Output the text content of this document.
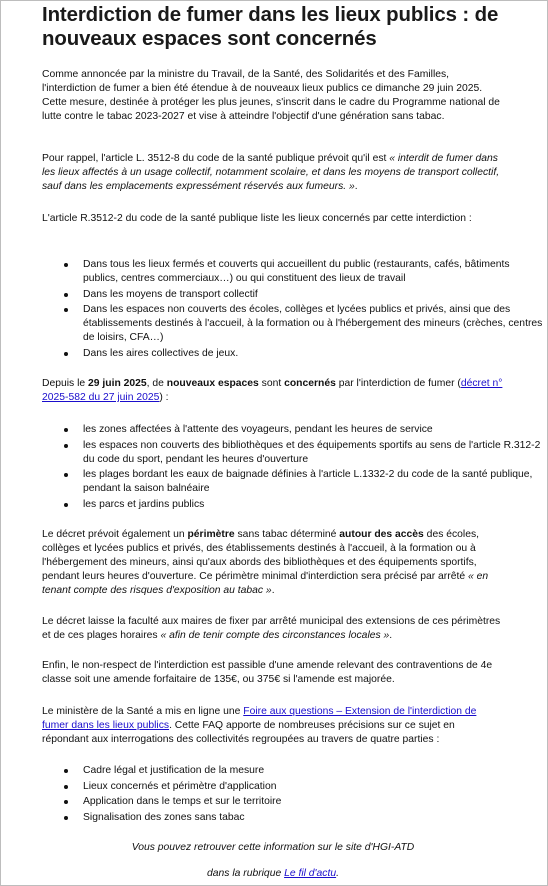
Interdiction de fumer dans les lieux publics : de nouveaux espaces sont concernés

Comme annoncée par la ministre du Travail, de la Santé, des Solidarités et des Familles, l'interdiction de fumer a bien été étendue à de nouveaux lieux publics ce dimanche 29 juin 2025. Cette mesure, destinée à protéger les plus jeunes, s'inscrit dans le cadre du Programme national de lutte contre le tabac 2023-2027 et vise à atteindre l'objectif d'une génération sans tabac.

Pour rappel, l'article L. 3512-8 du code de la santé publique prévoit qu'il est « interdit de fumer dans les lieux affectés à un usage collectif, notamment scolaire, et dans les moyens de transport collectif, sauf dans les emplacements expressément réservés aux fumeurs. ».

L'article R.3512-2 du code de la santé publique liste les lieux concernés par cette interdiction :

Dans tous les lieux fermés et couverts qui accueillent du public (restaurants, cafés, bâtiments publics, centres commerciaux…) ou qui constituent des lieux de travail
Dans les moyens de transport collectif
Dans les espaces non couverts des écoles, collèges et lycées publics et privés, ainsi que des établissements destinés à l'accueil, à la formation ou à l'hébergement des mineurs (crèches, centres de loisirs, CFA…)
Dans les aires collectives de jeux.

Depuis le 29 juin 2025, de nouveaux espaces sont concernés par l'interdiction de fumer (décret n° 2025-582 du 27 juin 2025) :

les zones affectées à l'attente des voyageurs, pendant les heures de service
les espaces non couverts des bibliothèques et des équipements sportifs au sens de l'article R.312-2 du code du sport, pendant les heures d'ouverture
les plages bordant les eaux de baignade définies à l'article L.1332-2 du code de la santé publique, pendant la saison balnéaire
les parcs et jardins publics

Le décret prévoit également un périmètre sans tabac déterminé autour des accès des écoles, collèges et lycées publics et privés, des établissements destinés à l'accueil, à la formation ou à l'hébergement des mineurs, ainsi qu'aux abords des bibliothèques et des équipements sportifs, pendant leurs heures d'ouverture. Ce périmètre minimal d'interdiction sera précisé par arrêté « en tenant compte des risques d'exposition au tabac ».

Le décret laisse la faculté aux maires de fixer par arrêté municipal des extensions de ces périmètres et de ces plages horaires « afin de tenir compte des circonstances locales ».

Enfin, le non-respect de l'interdiction est passible d'une amende relevant des contraventions de 4e classe soit une amende forfaitaire de 135€, ou 375€ si l'amende est majorée.

Le ministère de la Santé a mis en ligne une Foire aux questions – Extension de l'interdiction de fumer dans les lieux publics. Cette FAQ apporte de nombreuses précisions sur ce sujet en répondant aux interrogations des collectivités regroupées au travers de quatre parties :

Cadre légal et justification de la mesure
Lieux concernés et périmètre d'application
Application dans le temps et sur le territoire
Signalisation des zones sans tabac

Vous pouvez retrouver cette information sur le site d'HGI-ATD

dans la rubrique Le fil d'actu.
